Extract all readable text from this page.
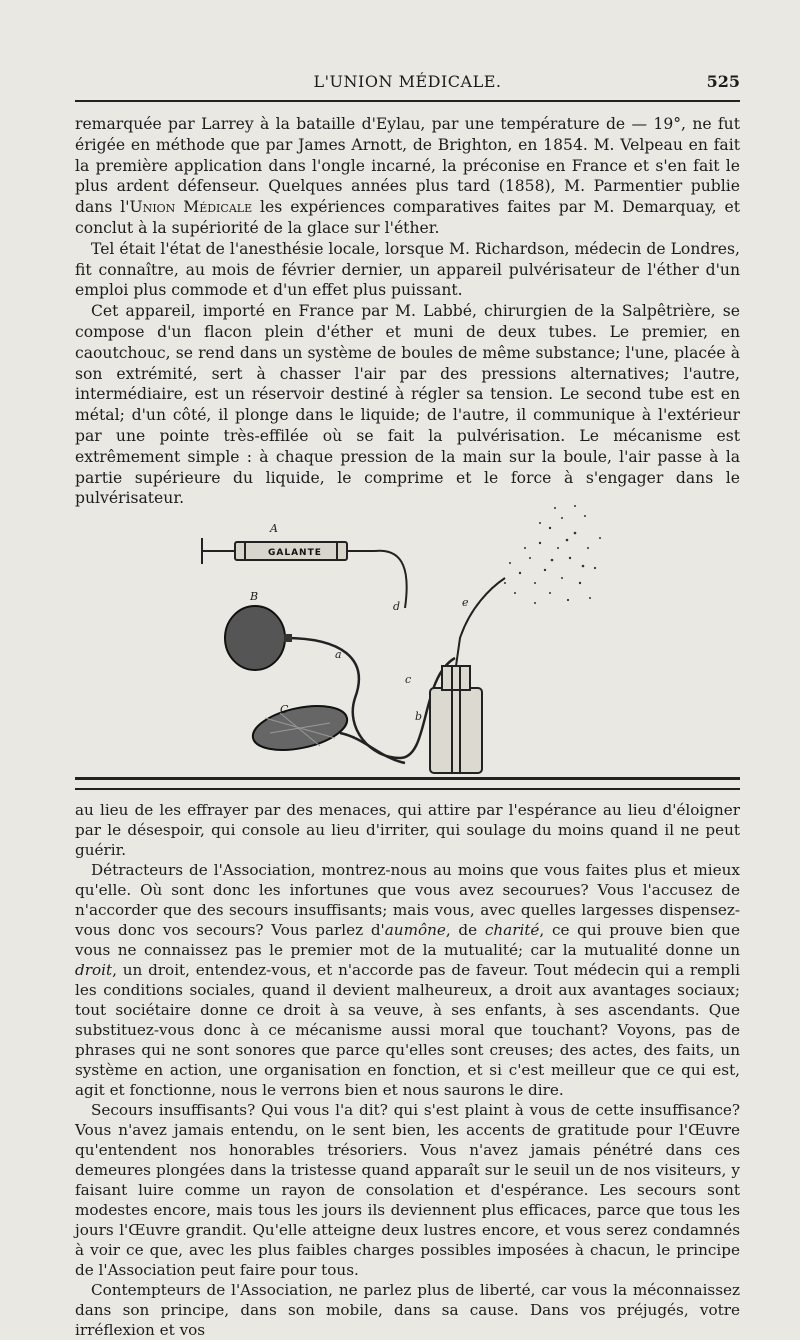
L'UNION MÉDICALE.	525

remarquée par Larrey à la bataille d'Eylau, par une température de — 19°, ne fut érigée en méthode que par James Arnott, de Brighton, en 1854. M. Velpeau en fait la première application dans l'ongle incarné, la préconise en France et s'en fait le plus ardent défenseur. Quelques années plus tard (1858), M. Parmentier publie dans l'Union Médicale les expériences comparatives faites par M. Demarquay, et conclut à la supériorité de la glace sur l'éther.

Tel était l'état de l'anesthésie locale, lorsque M. Richardson, médecin de Londres, fit connaître, au mois de février dernier, un appareil pulvérisateur de l'éther d'un emploi plus commode et d'un effet plus puissant.

Cet appareil, importé en France par M. Labbé, chirurgien de la Salpêtrière, se compose d'un flacon plein d'éther et muni de deux tubes. Le premier, en caoutchouc, se rend dans un système de boules de même substance; l'une, placée à son extrémité, sert à chasser l'air par des pressions alternatives; l'autre, intermédiaire, est un réservoir destiné à régler sa tension. Le second tube est en métal; d'un côté, il plonge dans le liquide; de l'autre, il communique à l'extérieur par une pointe très-effilée où se fait la pulvérisation. Le mécanisme est extrêmement simple : à chaque pression de la main sur la boule, l'air passe à la partie supérieure du liquide, le comprime et le force à s'engager dans le pulvérisateur.

GALANTE
A
B
C
a
c
b
d	e

au lieu de les effrayer par des menaces, qui attire par l'espérance au lieu d'éloigner par le désespoir, qui console au lieu d'irriter, qui soulage du moins quand il ne peut guérir.

Détracteurs de l'Association, montrez-nous au moins que vous faites plus et mieux qu'elle. Où sont donc les infortunes que vous avez secourues? Vous l'accusez de n'accorder que des secours insuffisants; mais vous, avec quelles largesses dispensez-vous donc vos secours? Vous parlez d'aumône, de charité, ce qui prouve bien que vous ne connaissez pas le premier mot de la mutualité; car la mutualité donne un droit, un droit, entendez-vous, et n'accorde pas de faveur. Tout médecin qui a rempli les conditions sociales, quand il devient malheureux, a droit aux avantages sociaux; tout sociétaire donne ce droit à sa veuve, à ses enfants, à ses ascendants. Que substituez-vous donc à ce mécanisme aussi moral que touchant? Voyons, pas de phrases qui ne sont sonores que parce qu'elles sont creuses; des actes, des faits, un système en action, une organisation en fonction, et si c'est meilleur que ce qui est, agit et fonctionne, nous le verrons bien et nous saurons le dire.

Secours insuffisants? Qui vous l'a dit? qui s'est plaint à vous de cette insuffisance? Vous n'avez jamais entendu, on le sent bien, les accents de gratitude pour l'Œuvre qu'entendent nos honorables trésoriers. Vous n'avez jamais pénétré dans ces demeures plongées dans la tristesse quand apparaît sur le seuil un de nos visiteurs, y faisant luire comme un rayon de consolation et d'espérance. Les secours sont modestes encore, mais tous les jours ils deviennent plus efficaces, parce que tous les jours l'Œuvre grandit. Qu'elle atteigne deux lustres encore, et vous serez condamnés à voir ce que, avec les plus faibles charges possibles imposées à chacun, le principe de l'Association peut faire pour tous.

Contempteurs de l'Association, ne parlez plus de liberté, car vous la méconnaissez dans son principe, dans son mobile, dans sa cause. Dans vos préjugés, votre irréflexion et vos
